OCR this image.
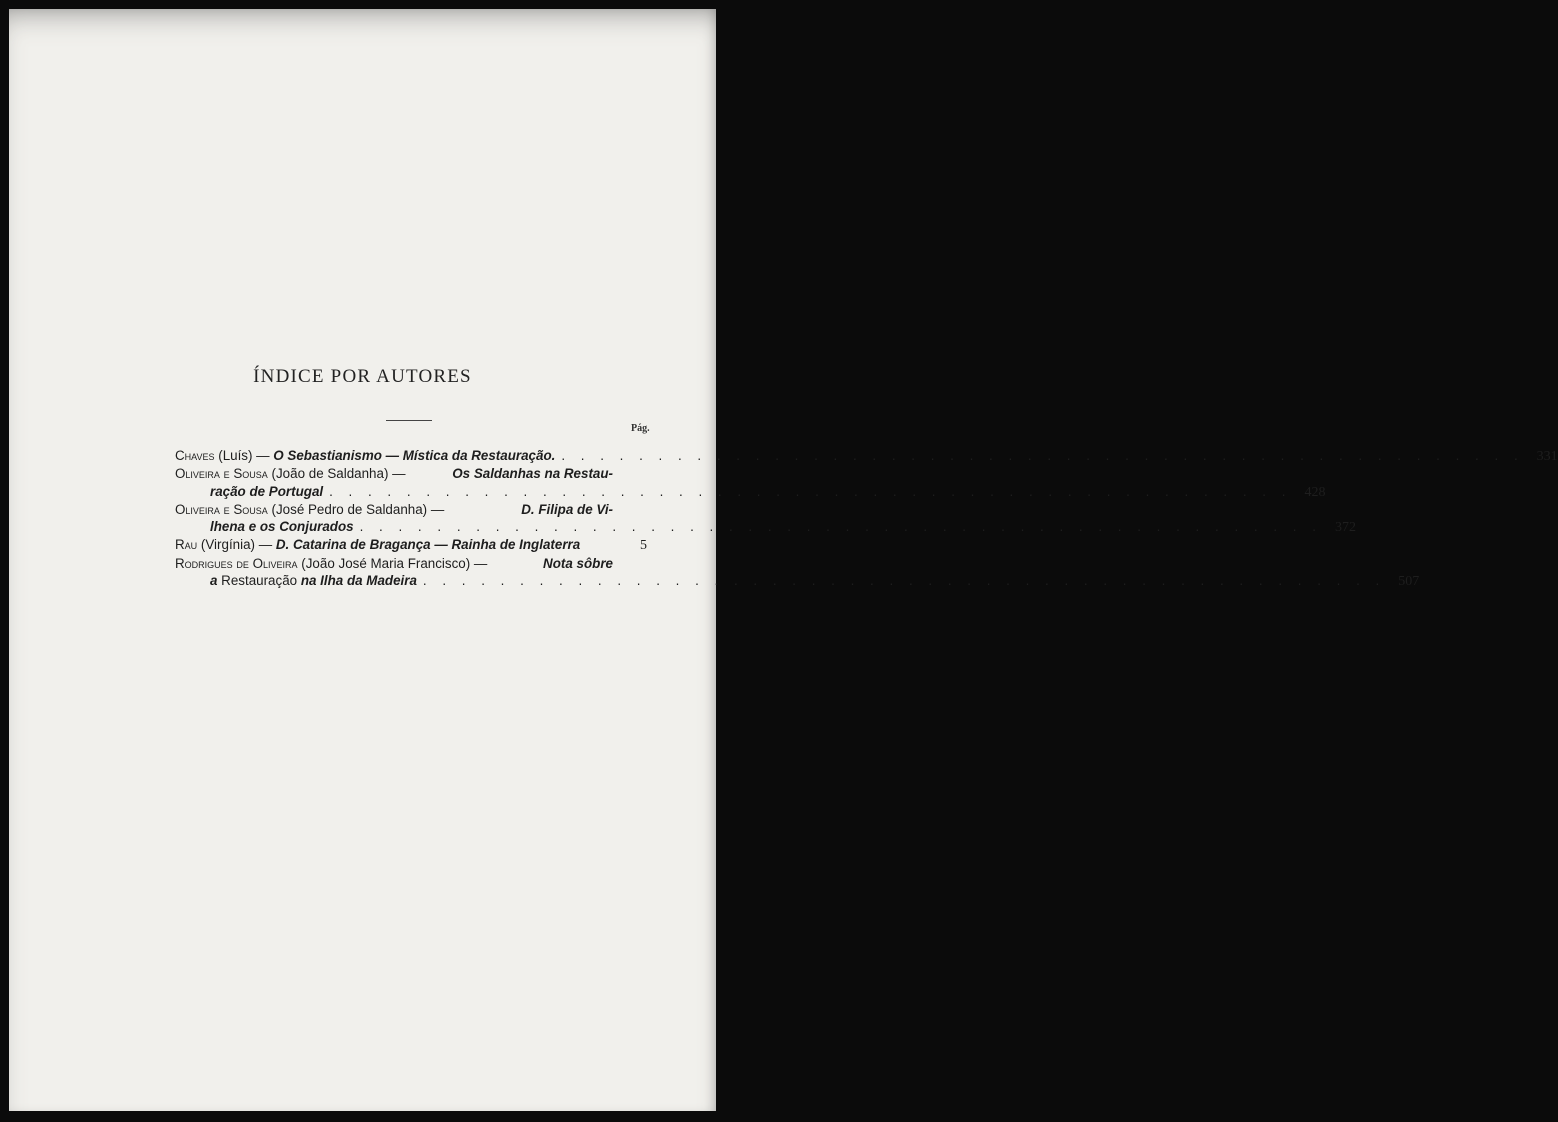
ÍNDICE POR AUTORES
Pág.
Chaves (Luís) — O Sebastianismo — Mística da Restauração. . . .	331
Oliveira e Sousa (João de Saldanha) —	Os Saldanhas na Restau-
ração de Portugal . . .	428
Oliveira e Sousa (José Pedro de Saldanha) —	D. Filipa de Vi-
lhena e os Conjurados . . .	372
Rau (Virgínia) — D. Catarina de Bragança — Rainha de Inglaterra	5
Rodrigues de Oliveira (João José Maria Francisco) —	Nota sôbre
a Restauração na Ilha da Madeira . . .	507
